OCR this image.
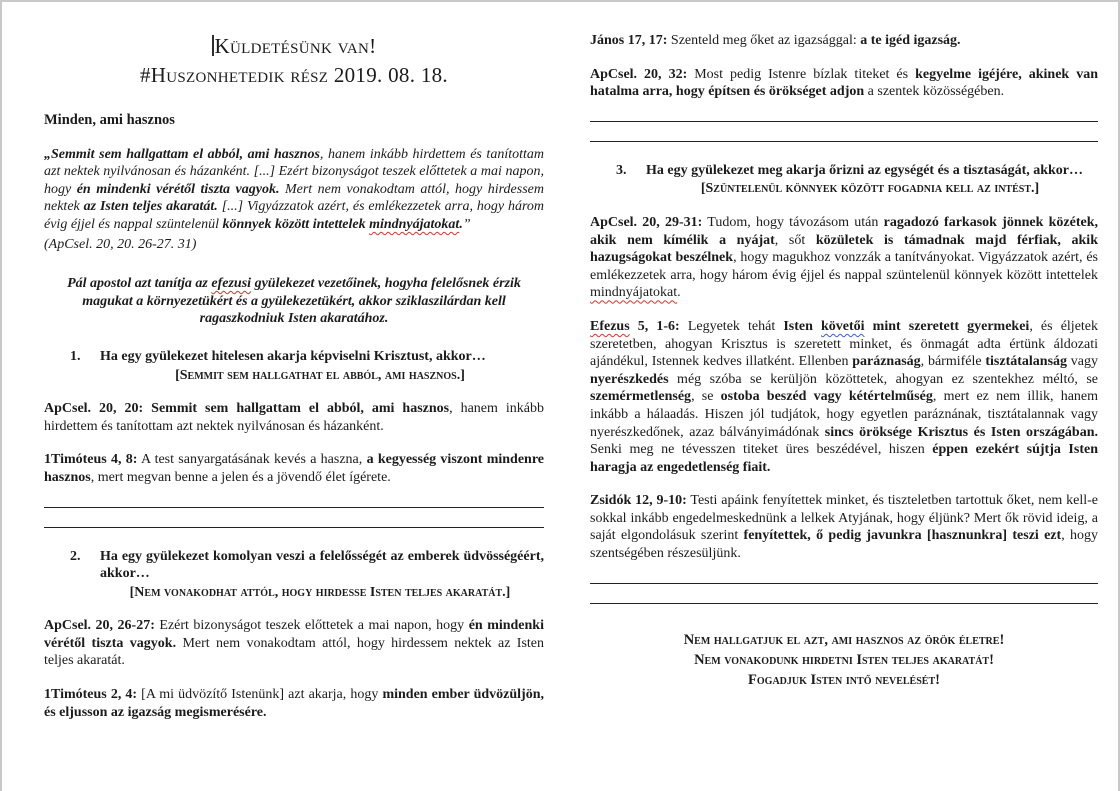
Küldetésünk van!
#Huszonhetedik rész 2019. 08. 18.
Minden, ami hasznos
„Semmit sem hallgattam el abból, ami hasznos, hanem inkább hirdettem és tanítottam azt nektek nyilvánosan és házanként. [...] Ezért bizonyságot teszek előttetek a mai napon, hogy én mindenki vérétől tiszta vagyok. Mert nem vonakodtam attól, hogy hirdessem nektek az Isten teljes akaratát. [...] Vigyázzatok azért, és emlékezzetek arra, hogy három évig éjjel és nappal szüntelenül könnyek között intettelek mindnyájatokat.”
(ApCsel. 20, 20. 26-27. 31)
Pál apostol azt tanítja az efezusi gyülekezet vezetőinek, hogyha felelősnek érzik magukat a környezetükért és a gyülekezetükért, akkor sziklaszilárdan kell ragaszkodniuk Isten akaratához.
1.	Ha egy gyülekezet hitelesen akarja képviselni Krisztust, akkor…
[Semmit sem hallgathat el abból, ami hasznos.]
ApCsel. 20, 20: Semmit sem hallgattam el abból, ami hasznos, hanem inkább hirdettem és tanítottam azt nektek nyilvánosan és házanként.
1Timóteus 4, 8: A test sanyargatásának kevés a haszna, a kegyesség viszont mindenre hasznos, mert megvan benne a jelen és a jövendő élet ígérete.
2.	Ha egy gyülekezet komolyan veszi a felelősségét az emberek üdvösségéért, akkor…
[Nem vonakodhat attól, hogy hirdesse Isten teljes akaratát.]
ApCsel. 20, 26-27: Ezért bizonyságot teszek előttetek a mai napon, hogy én mindenki vérétől tiszta vagyok. Mert nem vonakodtam attól, hogy hirdessem nektek az Isten teljes akaratát.
1Timóteus 2, 4: [A mi üdvözítő Istenünk] azt akarja, hogy minden ember üdvözüljön, és eljusson az igazság megismerésére.
János 17, 17: Szenteld meg őket az igazsággal: a te igéd igazság.
ApCsel. 20, 32: Most pedig Istenre bízlak titeket és kegyelme igéjére, akinek van hatalma arra, hogy építsen és örökséget adjon a szentek közösségében.
3.	Ha egy gyülekezet meg akarja őrizni az egységét és a tisztaságát, akkor…
[Szüntelenül könnyek között fogadnia kell az intést.]
ApCsel. 20, 29-31: Tudom, hogy távozásom után ragadozó farkasok jönnek közétek, akik nem kímélik a nyájat, sőt közületek is támadnak majd férfiak, akik hazugságokat beszélnek, hogy magukhoz vonzzák a tanítványokat. Vigyázzatok azért, és emlékezzetek arra, hogy három évig éjjel és nappal szüntelenül könnyek között intettelek mindnyájatokat.
Efezus 5, 1-6: Legyetek tehát Isten követői mint szeretett gyermekei, és éljetek szeretetben, ahogyan Krisztus is szeretett minket, és önmagát adta értünk áldozati ajándékul, Istennek kedves illatként. Ellenben paráznaság, bármiféle tisztátalanság vagy nyerészkedés még szóba se kerüljön közöttetek, ahogyan ez szentekhez méltó, se szemérmetlenség, se ostoba beszéd vagy kétértelműség, mert ez nem illik, hanem inkább a hálaadás. Hiszen jól tudjátok, hogy egyetlen paráznának, tisztátalannak vagy nyerészkedőnek, azaz bálványimádónak sincs öröksége Krisztus és Isten országában. Senki meg ne tévesszen titeket üres beszédével, hiszen éppen ezekért sújtja Isten haragja az engedetlenség fiait.
Zsidók 12, 9-10: Testi apáink fenyítettek minket, és tiszteletben tartottuk őket, nem kell-e sokkal inkább engedelmeskednünk a lelkek Atyjának, hogy éljünk? Mert ők rövid ideig, a saját elgondolásuk szerint fenyítettek, ő pedig javunkra [hasznunkra] teszi ezt, hogy szentségében részesüljünk.
Nem hallgatjuk el azt, ami hasznos az örök életre!
Nem vonakodunk hirdetni Isten teljes akaratát!
Fogadjuk Isten intő nevelését!
